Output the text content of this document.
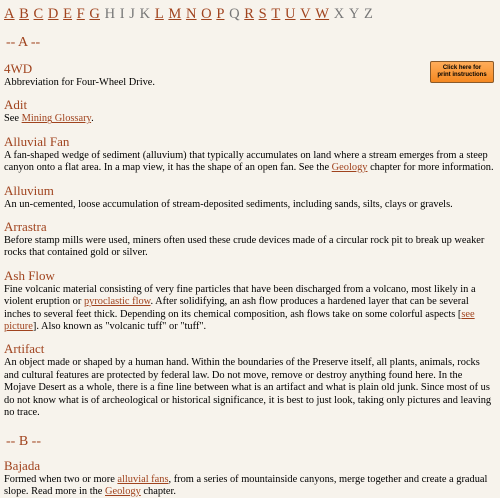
A B C D E F G H I J K L M N O P Q R S T U V W X Y Z
Click here for
print instructions
-- A --
4WD
Abbreviation for Four-Wheel Drive.
Adit
See Mining Glossary.
Alluvial Fan
A fan-shaped wedge of sediment (alluvium) that typically accumulates on land where a stream emerges from a steep canyon onto a flat area. In a map view, it has the shape of an open fan. See the Geology chapter for more information.
Alluvium
An un-cemented, loose accumulation of stream-deposited sediments, including sands, silts, clays or gravels.
Arrastra
Before stamp mills were used, miners often used these crude devices made of a circular rock pit to break up weaker rocks that contained gold or silver.
Ash Flow
Fine volcanic material consisting of very fine particles that have been discharged from a volcano, most likely in a violent eruption or pyroclastic flow. After solidifying, an ash flow produces a hardened layer that can be several inches to several feet thick. Depending on its chemical composition, ash flows take on some colorful aspects [see picture]. Also known as "volcanic tuff" or "tuff".
Artifact
An object made or shaped by a human hand. Within the boundaries of the Preserve itself, all plants, animals, rocks and cultural features are protected by federal law. Do not move, remove or destroy anything found here. In the Mojave Desert as a whole, there is a fine line between what is an artifact and what is plain old junk. Since most of us do not know what is of archeological or historical significance, it is best to just look, taking only pictures and leaving no trace.
-- B --
Bajada
Formed when two or more alluvial fans, from a series of mountainside canyons, merge together and create a gradual slope. Read more in the Geology chapter.
